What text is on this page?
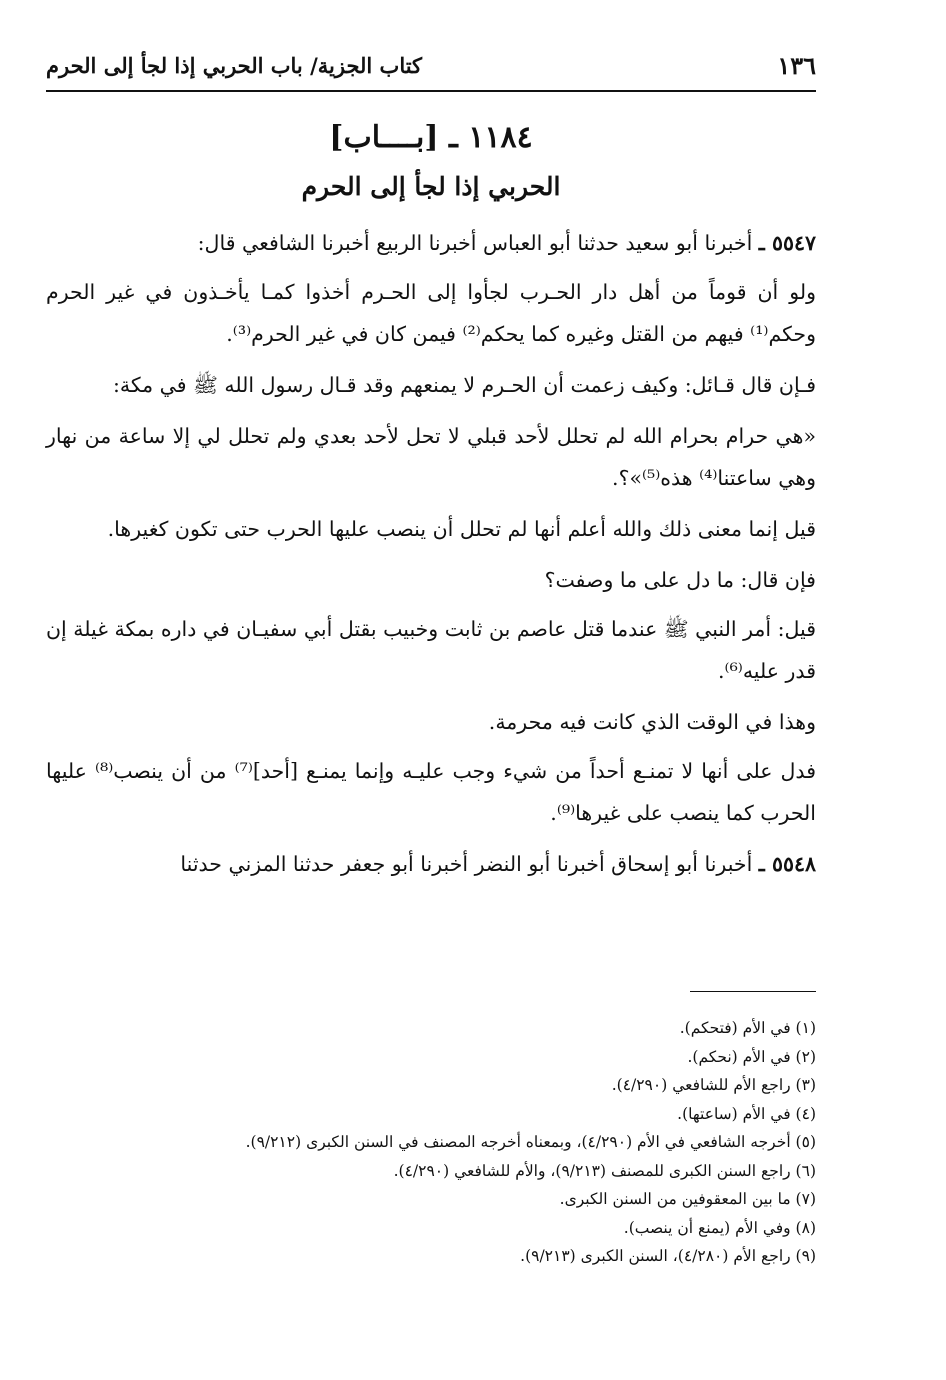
١٣٦
كتاب الجزية/ باب الحربي إذا لجأ إلى الحرم
١١٨٤ ـ [بــــاب]
الحربي إذا لجأ إلى الحرم

٥٥٤٧ ـ أخبرنا أبو سعيد حدثنا أبو العباس أخبرنا الربيع أخبرنا الشافعي قال:

ولو أن قوماً من أهل دار الحـرب لجأوا إلى الحـرم أخذوا كمـا يأخـذون في غير الحرم وحكم⁽¹⁾ فيهم من القتل وغيره كما يحكم⁽²⁾ فيمن كان في غير الحرم⁽³⁾.

فـإن قال قـائل: وكيف زعمت أن الحـرم لا يمنعهم وقد قـال رسول الله ﷺ في مكة:

«هي حرام بحرام الله لم تحلل لأحد قبلي لا تحل لأحد بعدي ولم تحلل لي إلا ساعة من نهار وهي ساعتنا⁽⁴⁾ هذه⁽⁵⁾»؟.

قيل إنما معنى ذلك والله أعلم أنها لم تحلل أن ينصب عليها الحرب حتى تكون كغيرها.

فإن قال: ما دل على ما وصفت؟

قيل: أمر النبي ﷺ عندما قتل عاصم بن ثابت وخبيب بقتل أبي سفيـان في داره بمكة غيلة إن قدر عليه⁽⁶⁾.

وهذا في الوقت الذي كانت فيه محرمة.

فدل على أنها لا تمنـع أحداً من شيء وجب عليـه وإنما يمنـع [أحد]⁽⁷⁾ من أن ينصب⁽⁸⁾ عليها الحرب كما ينصب على غيرها⁽⁹⁾.

٥٥٤٨ ـ أخبرنا أبو إسحاق أخبرنا أبو النضر أخبرنا أبو جعفر حدثنا المزني حدثنا

(١) في الأم (فتحكم).
(٢) في الأم (نحكم).
(٣) راجع الأم للشافعي (٤/٢٩٠).
(٤) في الأم (ساعتها).
(٥) أخرجه الشافعي في الأم (٤/٢٩٠)، وبمعناه أخرجه المصنف في السنن الكبرى (٩/٢١٢).
(٦) راجع السنن الكبرى للمصنف (٩/٢١٣)، والأم للشافعي (٤/٢٩٠).
(٧) ما بين المعقوفين من السنن الكبرى.
(٨) وفي الأم (يمنع أن ينصب).
(٩) راجع الأم (٤/٢٨٠)، السنن الكبرى (٩/٢١٣).
